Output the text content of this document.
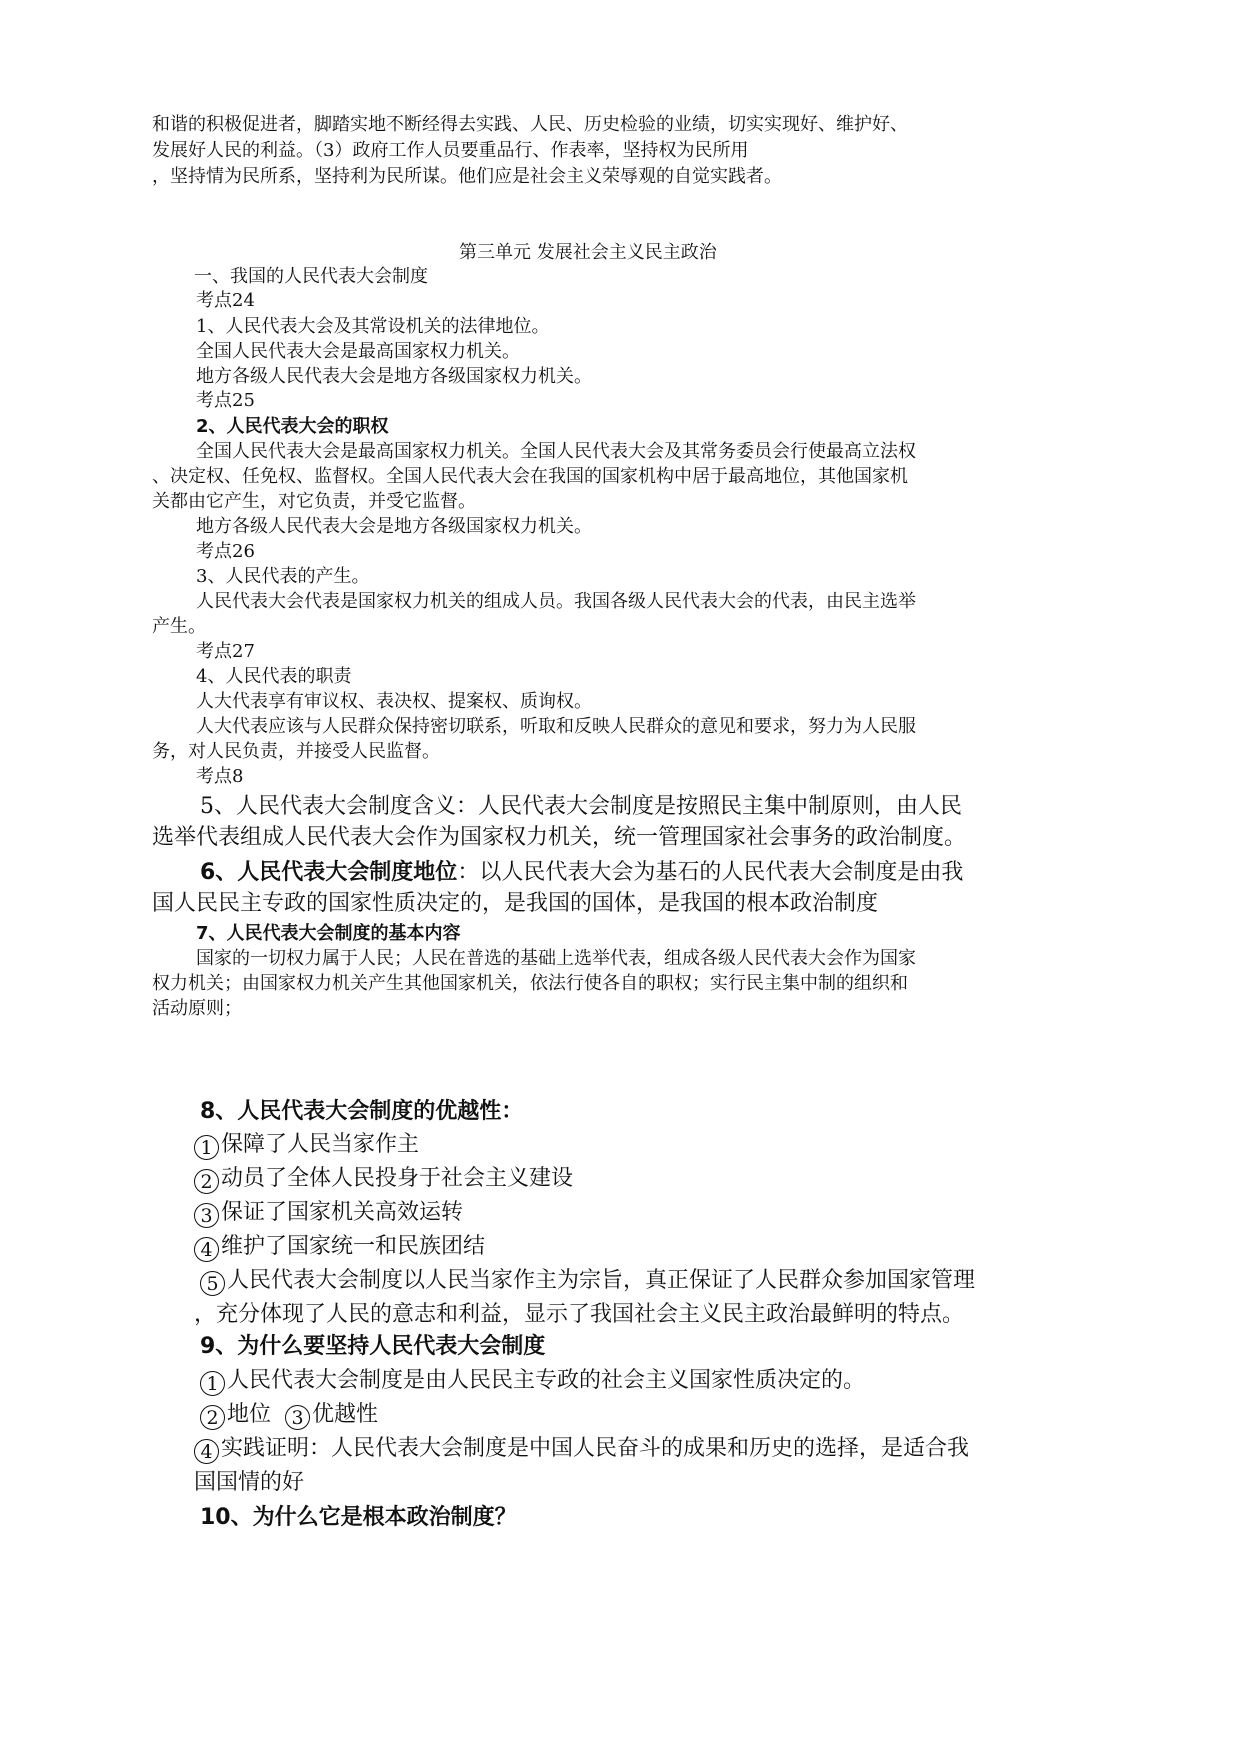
和谐的积极促进者，脚踏实地不断经得去实践、人民、历史检验的业绩，切实实现好、维护好、
发展好人民的利益。（3）政府工作人员要重品行、作表率，坚持权为民所用
，坚持情为民所系，坚持利为民所谋。他们应是社会主义荣辱观的自觉实践者。
第三单元 发展社会主义民主政治
一、我国的人民代表大会制度
考点24
1、人民代表大会及其常设机关的法律地位。
全国人民代表大会是最高国家权力机关。
地方各级人民代表大会是地方各级国家权力机关。
考点25
2、人民代表大会的职权
全国人民代表大会是最高国家权力机关。全国人民代表大会及其常务委员会行使最高立法权
、决定权、任免权、监督权。全国人民代表大会在我国的国家机构中居于最高地位，其他国家机
关都由它产生，对它负责，并受它监督。
地方各级人民代表大会是地方各级国家权力机关。
考点26
3、人民代表的产生。
人民代表大会代表是国家权力机关的组成人员。我国各级人民代表大会的代表，由民主选举
产生。
考点27
4、人民代表的职责
人大代表享有审议权、表决权、提案权、质询权。
人大代表应该与人民群众保持密切联系，听取和反映人民群众的意见和要求，努力为人民服
务，对人民负责，并接受人民监督。
考点8
5、人民代表大会制度含义：人民代表大会制度是按照民主集中制原则，由人民
选举代表组成人民代表大会作为国家权力机关，统一管理国家社会事务的政治制度。
6、人民代表大会制度地位：以人民代表大会为基石的人民代表大会制度是由我
国人民民主专政的国家性质决定的，是我国的国体，是我国的根本政治制度
7、人民代表大会制度的基本内容
国家的一切权力属于人民；人民在普选的基础上选举代表，组成各级人民代表大会作为国家
权力机关；由国家权力机关产生其他国家机关，依法行使各自的职权；实行民主集中制的组织和
活动原则；
8、人民代表大会制度的优越性：
1 保障了人民当家作主
2 动员了全体人民投身于社会主义建设
3 保证了国家机关高效运转
4 维护了国家统一和民族团结
5 人民代表大会制度以人民当家作主为宗旨，真正保证了人民群众参加国家管理
，充分体现了人民的意志和利益，显示了我国社会主义民主政治最鲜明的特点。
9、为什么要坚持人民代表大会制度
1 人民代表大会制度是由人民民主专政的社会主义国家性质决定的。
2 地位 3 优越性
4 实践证明：人民代表大会制度是中国人民奋斗的成果和历史的选择，是适合我
国国情的好
10、为什么它是根本政治制度？
